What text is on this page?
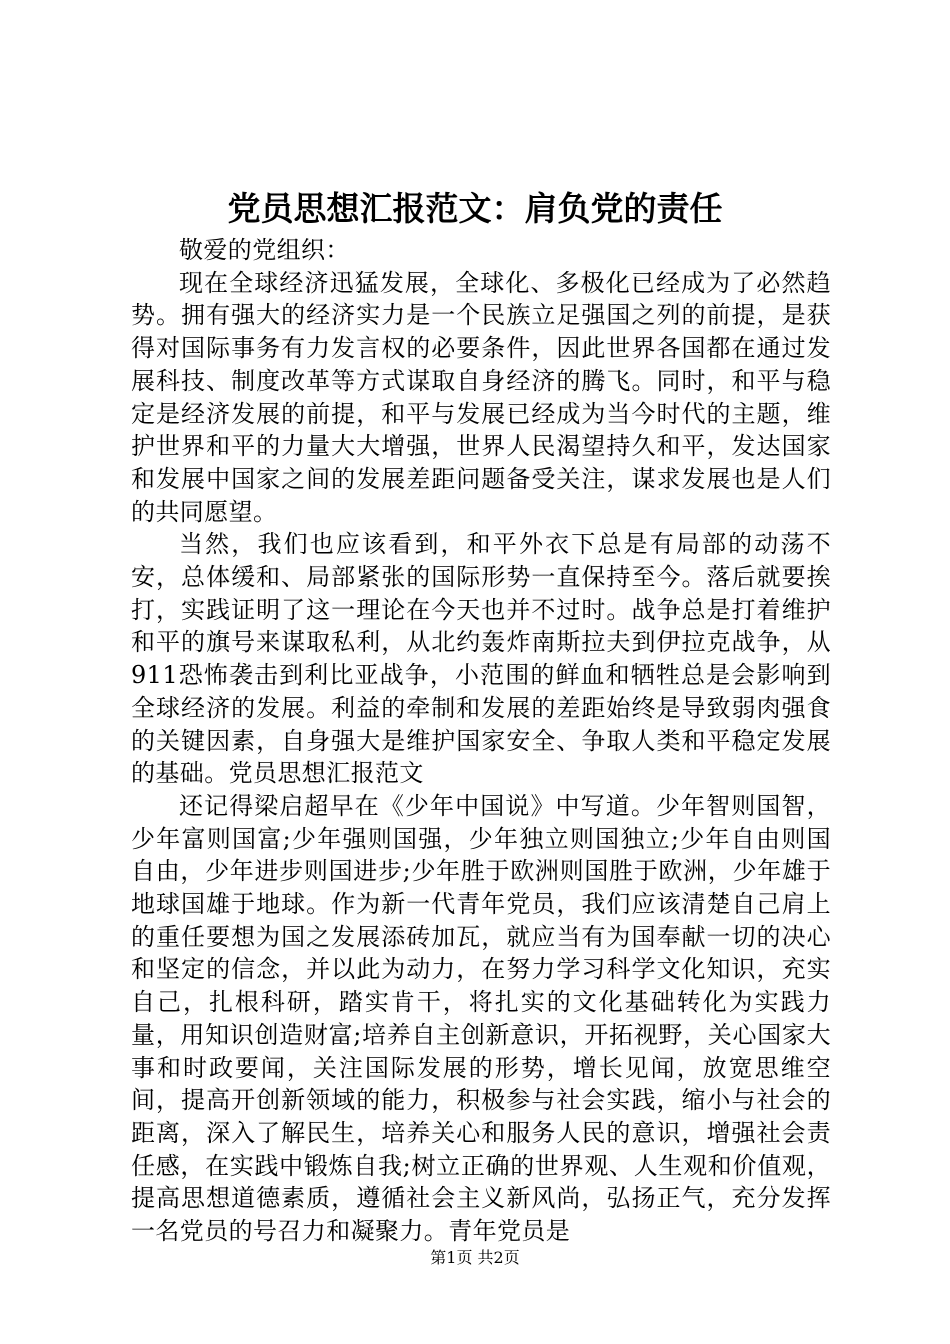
党员思想汇报范文：肩负党的责任

敬爱的党组织：

现在全球经济迅猛发展，全球化、多极化已经成为了必然趋势。拥有强大的经济实力是一个民族立足强国之列的前提，是获得对国际事务有力发言权的必要条件，因此世界各国都在通过发展科技、制度改革等方式谋取自身经济的腾飞。同时，和平与稳定是经济发展的前提，和平与发展已经成为当今时代的主题，维护世界和平的力量大大增强，世界人民渴望持久和平，发达国家和发展中国家之间的发展差距问题备受关注，谋求发展也是人们的共同愿望。

当然，我们也应该看到，和平外衣下总是有局部的动荡不安，总体缓和、局部紧张的国际形势一直保持至今。落后就要挨打，实践证明了这一理论在今天也并不过时。战争总是打着维护和平的旗号来谋取私利，从北约轰炸南斯拉夫到伊拉克战争，从911恐怖袭击到利比亚战争，小范围的鲜血和牺牲总是会影响到全球经济的发展。利益的牵制和发展的差距始终是导致弱肉强食的关键因素，自身强大是维护国家安全、争取人类和平稳定发展的基础。党员思想汇报范文

还记得梁启超早在《少年中国说》中写道。少年智则国智，少年富则国富;少年强则国强，少年独立则国独立;少年自由则国自由，少年进步则国进步;少年胜于欧洲则国胜于欧洲，少年雄于地球国雄于地球。作为新一代青年党员，我们应该清楚自己肩上的重任要想为国之发展添砖加瓦，就应当有为国奉献一切的决心和坚定的信念，并以此为动力，在努力学习科学文化知识，充实自己，扎根科研，踏实肯干，将扎实的文化基础转化为实践力量，用知识创造财富;培养自主创新意识，开拓视野，关心国家大事和时政要闻，关注国际发展的形势，增长见闻，放宽思维空间，提高开创新领域的能力，积极参与社会实践，缩小与社会的距离，深入了解民生，培养关心和服务人民的意识，增强社会责任感，在实践中锻炼自我;树立正确的世界观、人生观和价值观，提高思想道德素质，遵循社会主义新风尚，弘扬正气，充分发挥一名党员的号召力和凝聚力。青年党员是

第1页 共2页
